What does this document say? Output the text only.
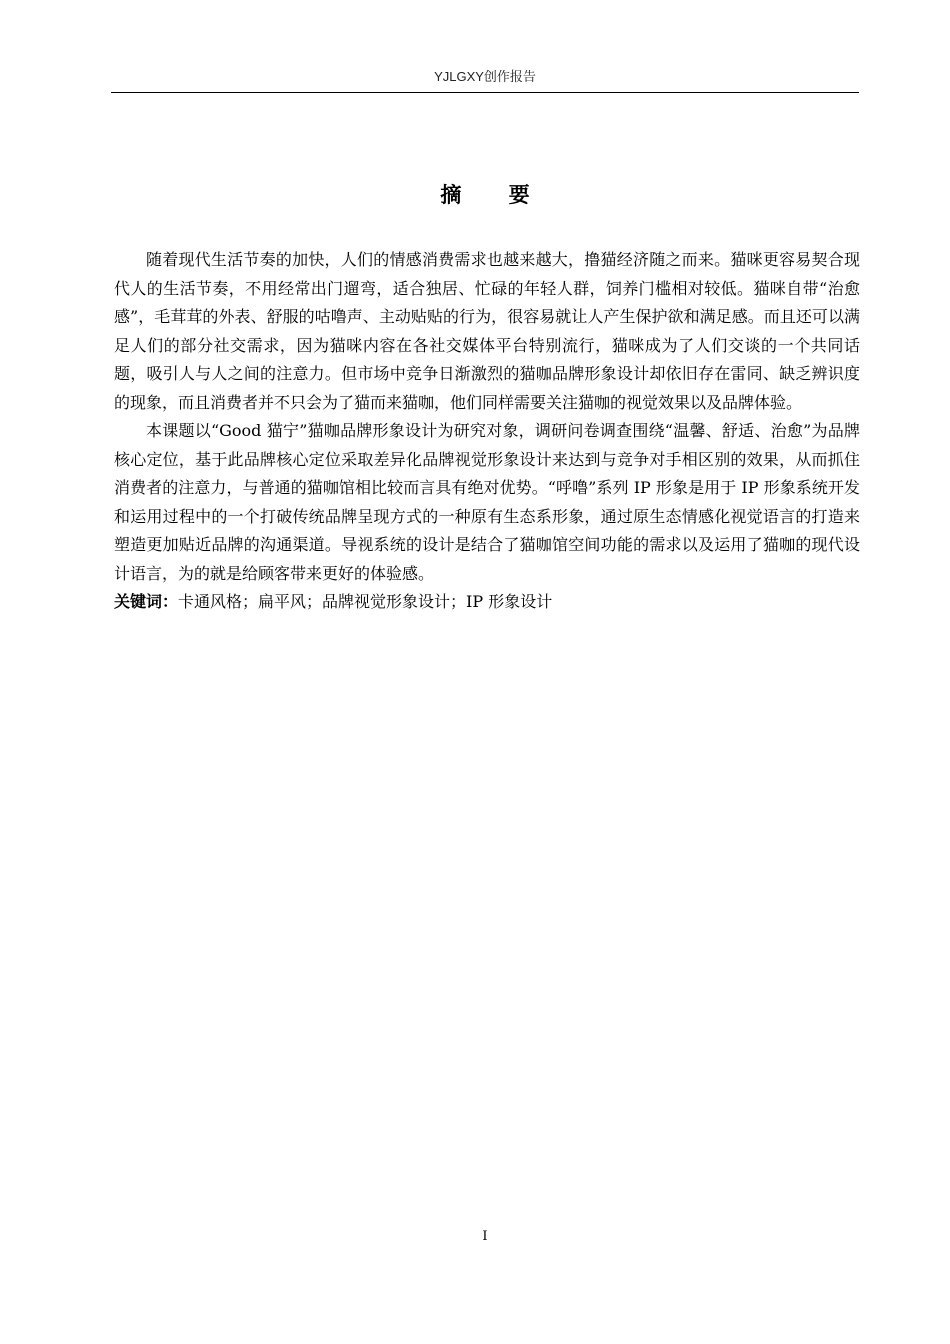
YJLGXY创作报告
摘 要

随着现代生活节奏的加快，人们的情感消费需求也越来越大，撸猫经济随之而来。猫咪更容易契合现代人的生活节奏，不用经常出门遛弯，适合独居、忙碌的年轻人群，饲养门槛相对较低。猫咪自带“治愈感”，毛茸茸的外表、舒服的咕噜声、主动贴贴的行为，很容易就让人产生保护欲和满足感。而且还可以满足人们的部分社交需求，因为猫咪内容在各社交媒体平台特别流行，猫咪成为了人们交谈的一个共同话题，吸引人与人之间的注意力。但市场中竞争日渐激烈的猫咖品牌形象设计却依旧存在雷同、缺乏辨识度的现象，而且消费者并不只会为了猫而来猫咖，他们同样需要关注猫咖的视觉效果以及品牌体验。

本课题以“Good 猫宁”猫咖品牌形象设计为研究对象，调研问卷调查围绕“温馨、舒适、治愈”为品牌核心定位，基于此品牌核心定位采取差异化品牌视觉形象设计来达到与竞争对手相区别的效果，从而抓住消费者的注意力，与普通的猫咖馆相比较而言具有绝对优势。“呼噜”系列 IP 形象是用于 IP 形象系统开发和运用过程中的一个打破传统品牌呈现方式的一种原有生态系形象，通过原生态情感化视觉语言的打造来塑造更加贴近品牌的沟通渠道。导视系统的设计是结合了猫咖馆空间功能的需求以及运用了猫咖的现代设计语言，为的就是给顾客带来更好的体验感。

关键词：卡通风格；扁平风；品牌视觉形象设计；IP 形象设计

I
